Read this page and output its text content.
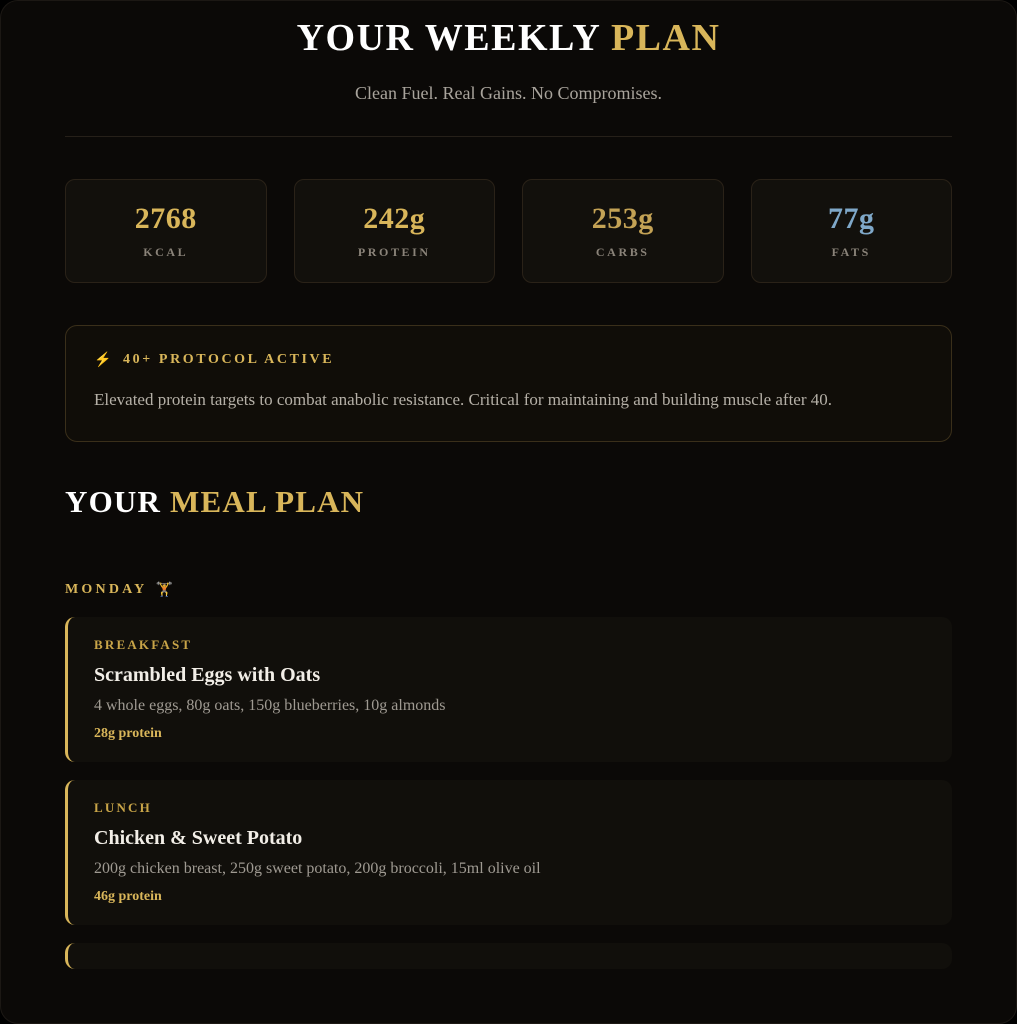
YOUR WEEKLY PLAN
Clean Fuel. Real Gains. No Compromises.
2768
KCAL
242g
PROTEIN
253g
CARBS
77g
FATS
⚡ 40+ PROTOCOL ACTIVE
Elevated protein targets to combat anabolic resistance. Critical for maintaining and building muscle after 40.
YOUR MEAL PLAN
MONDAY 🏋
BREAKFAST
Scrambled Eggs with Oats
4 whole eggs, 80g oats, 150g blueberries, 10g almonds
28g protein
LUNCH
Chicken & Sweet Potato
200g chicken breast, 250g sweet potato, 200g broccoli, 15ml olive oil
46g protein
